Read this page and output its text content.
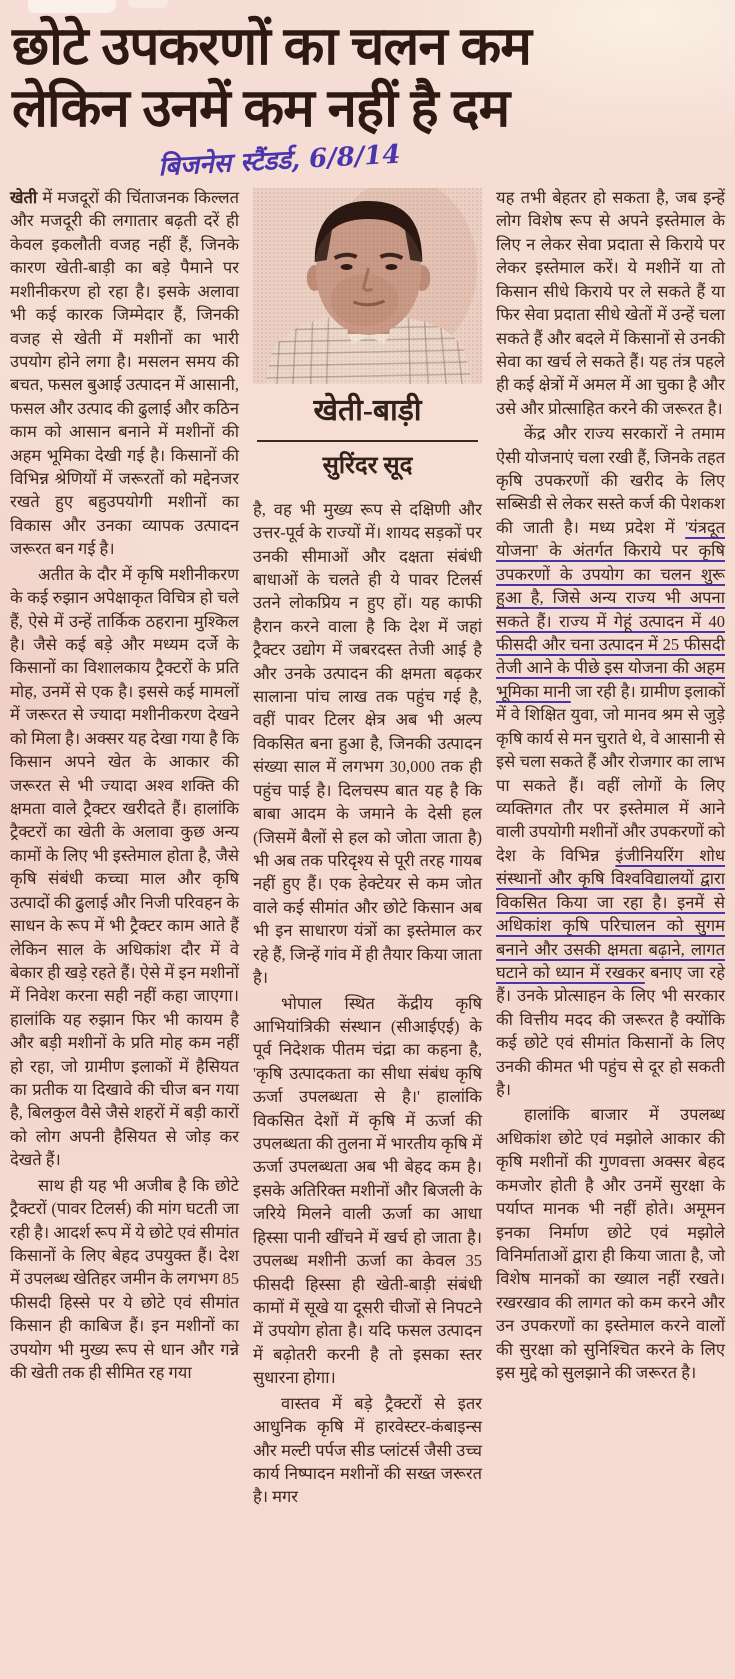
छोटे उपकरणों का चलन कम
लेकिन उनमें कम नहीं है दम
बिजनेस स्टैंडर्ड, 6/8/14

खेती में मजदूरों की चिंताजनक किल्लत और मजदूरी की लगातार बढ़ती दरें ही केवल इकलौती वजह नहीं हैं, जिनके कारण खेती-बाड़ी का बड़े पैमाने पर मशीनीकरण हो रहा है। इसके अलावा भी कई कारक जिम्मेदार हैं, जिनकी वजह से खेती में मशीनों का भारी उपयोग होने लगा है। मसलन समय की बचत, फसल बुआई उत्पादन में आसानी, फसल और उत्पाद की ढुलाई और कठिन काम को आसान बनाने में मशीनों की अहम भूमिका देखी गई है। किसानों की विभिन्न श्रेणियों में जरूरतों को मद्देनजर रखते हुए बहुउपयोगी मशीनों का विकास और उनका व्यापक उत्पादन जरूरत बन गई है।

अतीत के दौर में कृषि मशीनीकरण के कई रुझान अपेक्षाकृत विचित्र हो चले हैं, ऐसे में उन्हें तार्किक ठहराना मुश्किल है। जैसे कई बड़े और मध्यम दर्जे के किसानों का विशालकाय ट्रैक्टरों के प्रति मोह, उनमें से एक है। इससे कई मामलों में जरूरत से ज्यादा मशीनीकरण देखने को मिला है। अक्सर यह देखा गया है कि किसान अपने खेत के आकार की जरूरत से भी ज्यादा अश्व शक्ति की क्षमता वाले ट्रैक्टर खरीदते हैं। हालांकि ट्रैक्टरों का खेती के अलावा कुछ अन्य कामों के लिए भी इस्तेमाल होता है, जैसे कृषि संबंधी कच्चा माल और कृषि उत्पादों की ढुलाई और निजी परिवहन के साधन के रूप में भी ट्रैक्टर काम आते हैं लेकिन साल के अधिकांश दौर में वे बेकार ही खड़े रहते हैं। ऐसे में इन मशीनों में निवेश करना सही नहीं कहा जाएगा। हालांकि यह रुझान फिर भी कायम है और बड़ी मशीनों के प्रति मोह कम नहीं हो रहा, जो ग्रामीण इलाकों में हैसियत का प्रतीक या दिखावे की चीज बन गया है, बिलकुल वैसे जैसे शहरों में बड़ी कारों को लोग अपनी हैसियत से जोड़ कर देखते हैं।

साथ ही यह भी अजीब है कि छोटे ट्रैक्टरों (पावर टिलर्स) की मांग घटती जा रही है। आदर्श रूप में ये छोटे एवं सीमांत किसानों के लिए बेहद उपयुक्त हैं। देश में उपलब्ध खेतिहर जमीन के लगभग 85 फीसदी हिस्से पर ये छोटे एवं सीमांत किसान ही काबिज हैं। इन मशीनों का उपयोग भी मुख्य रूप से धान और गन्ने की खेती तक ही सीमित रह गया

खेती-बाड़ी
सुरिंदर सूद

है, वह भी मुख्य रूप से दक्षिणी और उत्तर-पूर्व के राज्यों में। शायद सड़कों पर उनकी सीमाओं और दक्षता संबंधी बाधाओं के चलते ही ये पावर टिलर्स उतने लोकप्रिय न हुए हों। यह काफी हैरान करने वाला है कि देश में जहां ट्रैक्टर उद्योग में जबरदस्त तेजी आई है और उनके उत्पादन की क्षमता बढ़कर सालाना पांच लाख तक पहुंच गई है, वहीं पावर टिलर क्षेत्र अब भी अल्प विकसित बना हुआ है, जिनकी उत्पादन संख्या साल में लगभग 30,000 तक ही पहुंच पाई है। दिलचस्प बात यह है कि बाबा आदम के जमाने के देसी हल (जिसमें बैलों से हल को जोता जाता है) भी अब तक परिदृश्य से पूरी तरह गायब नहीं हुए हैं। एक हेक्टेयर से कम जोत वाले कई सीमांत और छोटे किसान अब भी इन साधारण यंत्रों का इस्तेमाल कर रहे हैं, जिन्हें गांव में ही तैयार किया जाता है।

भोपाल स्थित केंद्रीय कृषि आभियांत्रिकी संस्थान (सीआईएई) के पूर्व निदेशक पीतम चंद्रा का कहना है, 'कृषि उत्पादकता का सीधा संबंध कृषि ऊर्जा उपलब्धता से है।' हालांकि विकसित देशों में कृषि में ऊर्जा की उपलब्धता की तुलना में भारतीय कृषि में ऊर्जा उपलब्धता अब भी बेहद कम है। इसके अतिरिक्त मशीनों और बिजली के जरिये मिलने वाली ऊर्जा का आधा हिस्सा पानी खींचने में खर्च हो जाता है। उपलब्ध मशीनी ऊर्जा का केवल 35 फीसदी हिस्सा ही खेती-बाड़ी संबंधी कामों में सूखे या दूसरी चीजों से निपटने में उपयोग होता है। यदि फसल उत्पादन में बढ़ोतरी करनी है तो इसका स्तर सुधारना होगा।

वास्तव में बड़े ट्रैक्टरों से इतर आधुनिक कृषि में हारवेस्टर-कंबाइन्स और मल्टी पर्पज सीड प्लांटर्स जैसी उच्च कार्य निष्पादन मशीनों की सख्त जरूरत है। मगर

यह तभी बेहतर हो सकता है, जब इन्हें लोग विशेष रूप से अपने इस्तेमाल के लिए न लेकर सेवा प्रदाता से किराये पर लेकर इस्तेमाल करें। ये मशीनें या तो किसान सीधे किराये पर ले सकते हैं या फिर सेवा प्रदाता सीधे खेतों में उन्हें चला सकते हैं और बदले में किसानों से उनकी सेवा का खर्च ले सकते हैं। यह तंत्र पहले ही कई क्षेत्रों में अमल में आ चुका है और उसे और प्रोत्साहित करने की जरूरत है।

केंद्र और राज्य सरकारों ने तमाम ऐसी योजनाएं चला रखी हैं, जिनके तहत कृषि उपकरणों की खरीद के लिए सब्सिडी से लेकर सस्ते कर्ज की पेशकश की जाती है। मध्य प्रदेश में 'यंत्रदूत योजना' के अंतर्गत किराये पर कृषि उपकरणों के उपयोग का चलन शुरू हुआ है, जिसे अन्य राज्य भी अपना सकते हैं। राज्य में गेहूं उत्पादन में 40 फीसदी और चना उत्पादन में 25 फीसदी तेजी आने के पीछे इस योजना की अहम भूमिका मानी जा रही है। ग्रामीण इलाकों में वे शिक्षित युवा, जो मानव श्रम से जुड़े कृषि कार्य से मन चुराते थे, वे आसानी से इसे चला सकते हैं और रोजगार का लाभ पा सकते हैं। वहीं लोगों के लिए व्यक्तिगत तौर पर इस्तेमाल में आने वाली उपयोगी मशीनों और उपकरणों को देश के विभिन्न इंजीनियरिंग शोध संस्थानों और कृषि विश्वविद्यालयों द्वारा विकसित किया जा रहा है। इनमें से अधिकांश कृषि परिचालन को सुगम बनाने और उसकी क्षमता बढ़ाने, लागत घटाने को ध्यान में रखकर बनाए जा रहे हैं। उनके प्रोत्साहन के लिए भी सरकार की वित्तीय मदद की जरूरत है क्योंकि कई छोटे एवं सीमांत किसानों के लिए उनकी कीमत भी पहुंच से दूर हो सकती है।

हालांकि बाजार में उपलब्ध अधिकांश छोटे एवं मझोले आकार की कृषि मशीनों की गुणवत्ता अक्सर बेहद कमजोर होती है और उनमें सुरक्षा के पर्याप्त मानक भी नहीं होते। अमूमन इनका निर्माण छोटे एवं मझोले विनिर्माताओं द्वारा ही किया जाता है, जो विशेष मानकों का ख्याल नहीं रखते। रखरखाव की लागत को कम करने और उन उपकरणों का इस्तेमाल करने वालों की सुरक्षा को सुनिश्चित करने के लिए इस मुद्दे को सुलझाने की जरूरत है।
